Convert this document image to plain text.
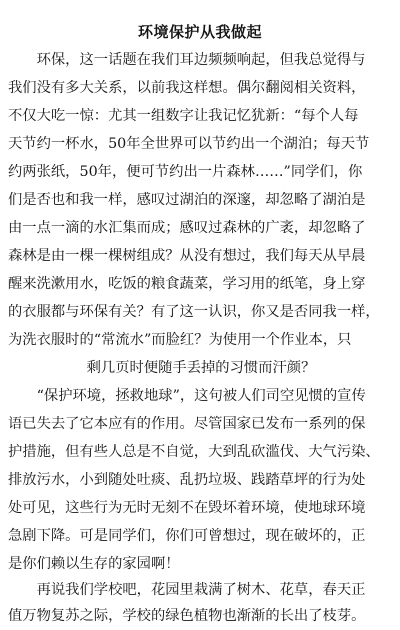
环境保护从我做起
　　环保，这一话题在我们耳边频频响起，但我总觉得与
我们没有多大关系，以前我这样想。偶尔翻阅相关资料，
不仅大吃一惊：尤其一组数字让我记忆犹新：“每个人每
天节约一杯水，50年全世界可以节约出一个湖泊；每天节
约两张纸，50年，便可节约出一片森林……”同学们，你
们是否也和我一样，感叹过湖泊的深邃，却忽略了湖泊是
由一点一滴的水汇集而成；感叹过森林的广袤，却忽略了
森林是由一棵一棵树组成？从没有想过，我们每天从早晨
醒来洗漱用水，吃饭的粮食蔬菜，学习用的纸笔，身上穿
的衣服都与环保有关？有了这一认识，你又是否同我一样，
为洗衣服时的“常流水”而脸红？为使用一个作业本，只
剩几页时便随手丢掉的习惯而汗颜？
　　“保护环境，拯救地球”，这句被人们司空见惯的宣传
语已失去了它本应有的作用。尽管国家已发布一系列的保
护措施，但有些人总是不自觉，大到乱砍滥伐、大气污染、
排放污水，小到随处吐痰、乱扔垃圾、践踏草坪的行为处
处可见，这些行为无时无刻不在毁坏着环境，使地球环境
急剧下降。可是同学们，你们可曾想过，现在破坏的，正
是你们赖以生存的家园啊！
　　再说我们学校吧，花园里栽满了树木、花草，春天正
值万物复苏之际，学校的绿色植物也渐渐的长出了枝芽。
